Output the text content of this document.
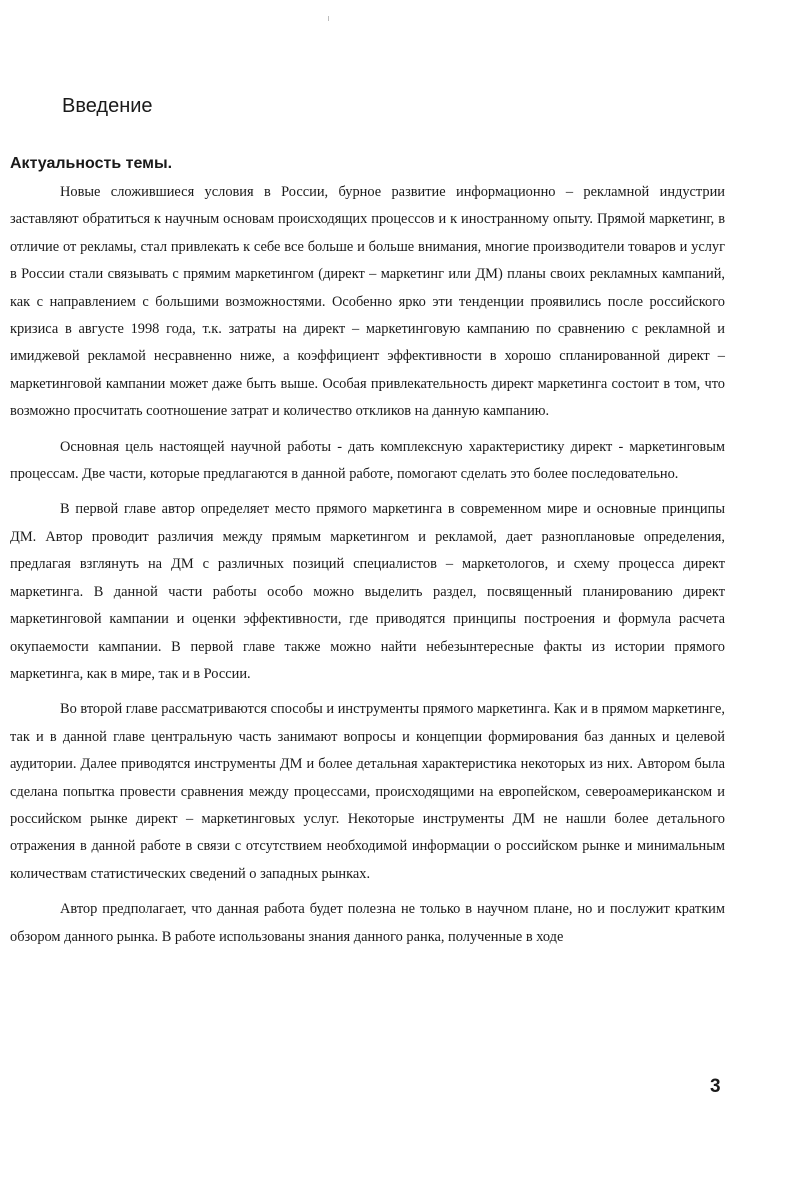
Введение
Актуальность темы.

Новые сложившиеся условия в России, бурное развитие информационно – рекламной индустрии заставляют обратиться к научным основам происходящих процессов и к иностранному опыту. Прямой маркетинг, в отличие от рекламы, стал привлекать к себе все больше и больше внимания, многие производители товаров и услуг в России стали связывать с прямим маркетингом (директ – маркетинг или ДМ) планы своих рекламных кампаний, как с направлением с большими возможностями. Особенно ярко эти тенденции проявились после российского кризиса в августе 1998 года, т.к. затраты на директ – маркетинговую кампанию по сравнению с рекламной и имиджевой рекламой несравненно ниже, а коэффициент эффективности в хорошо спланированной директ – маркетинговой кампании может даже быть выше. Особая привлекательность директ маркетинга состоит в том, что возможно просчитать соотношение затрат и количество откликов на данную кампанию.

Основная цель настоящей научной работы - дать комплексную характеристику директ - маркетинговым процессам. Две части, которые предлагаются в данной работе, помогают сделать это более последовательно.

В первой главе автор определяет место прямого маркетинга в современном мире и основные принципы ДМ. Автор проводит различия между прямым маркетингом и рекламой, дает разноплановые определения, предлагая взглянуть на ДМ с различных позиций специалистов – маркетологов, и схему процесса директ маркетинга. В данной части работы особо можно выделить раздел, посвященный планированию директ маркетинговой кампании и оценки эффективности, где приводятся принципы построения и формула расчета окупаемости кампании. В первой главе также можно найти небезынтересные факты из истории прямого маркетинга, как в мире, так и в России.

Во второй главе рассматриваются способы и инструменты прямого маркетинга. Как и в прямом маркетинге, так и в данной главе центральную часть занимают вопросы и концепции формирования баз данных и целевой аудитории. Далее приводятся инструменты ДМ и более детальная характеристика некоторых из них. Автором была сделана попытка провести сравнения между процессами, происходящими на европейском, североамериканском и российском рынке директ – маркетинговых услуг. Некоторые инструменты ДМ не нашли более детального отражения в данной работе в связи с отсутствием необходимой информации о российском рынке и минимальным количествам статистических сведений о западных рынках.

Автор предполагает, что данная работа будет полезна не только в научном плане, но и послужит кратким обзором данного рынка. В работе использованы знания данного ранка, полученные в ходе

3
